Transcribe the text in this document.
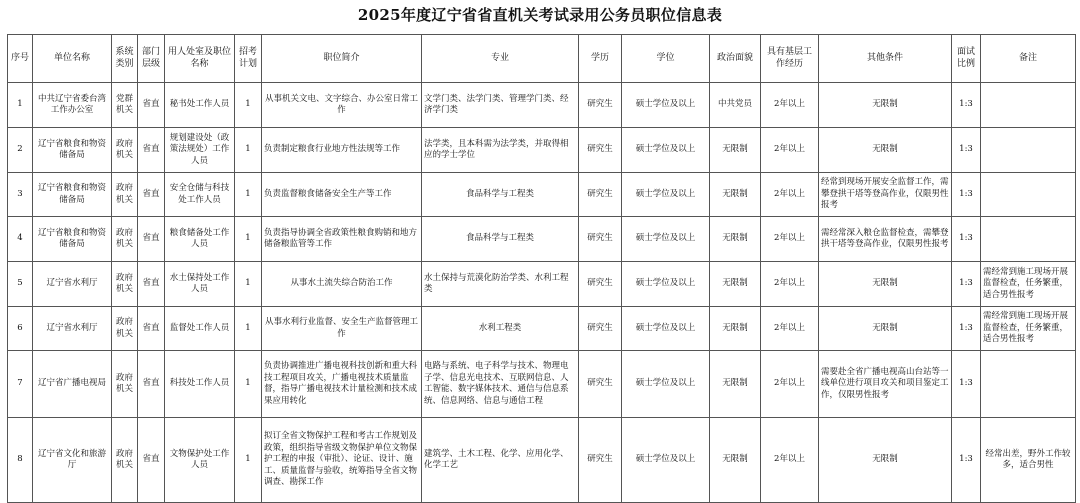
2025年度辽宁省省直机关考试录用公务员职位信息表
序号	单位名称	系统类别	部门层级	用人处室及职位名称	招考计划	职位简介	专业	学历	学位	政治面貌	具有基层工作经历	其他条件	面试比例	备注
1	中共辽宁省委台湾工作办公室	党群机关	省直	秘书处工作人员	1	从事机关文电、文字综合、办公室日常工作	文学门类、法学门类、管理学门类、经济学门类	研究生	硕士学位及以上	中共党员	2年以上	无限制	1:3	
2	辽宁省粮食和物资储备局	政府机关	省直	规划建设处（政策法规处）工作人员	1	负责制定粮食行业地方性法规等工作	法学类，且本科需为法学类，并取得相应的学士学位	研究生	硕士学位及以上	无限制	2年以上	无限制	1:3	
3	辽宁省粮食和物资储备局	政府机关	省直	安全仓储与科技处工作人员	1	负责监督粮食储备安全生产等工作	食品科学与工程类	研究生	硕士学位及以上	无限制	2年以上	经常到现场开展安全监督工作，需攀登拱干塔等登高作业，仅限男性报考	1:3	
4	辽宁省粮食和物资储备局	政府机关	省直	粮食储备处工作人员	1	负责指导协调全省政策性粮食购销和地方储备粮监管等工作	食品科学与工程类	研究生	硕士学位及以上	无限制	2年以上	需经常深入粮仓监督检查，需攀登拱干塔等登高作业，仅限男性报考	1:3	
5	辽宁省水利厅	政府机关	省直	水土保持处工作人员	1	从事水土流失综合防治工作	水土保持与荒漠化防治学类、水利工程类	研究生	硕士学位及以上	无限制	2年以上	无限制	1:3	需经常到施工现场开展监督检查，任务繁重，适合男性报考
6	辽宁省水利厅	政府机关	省直	监督处工作人员	1	从事水利行业监督、安全生产监督管理工作	水利工程类	研究生	硕士学位及以上	无限制	2年以上	无限制	1:3	需经常到施工现场开展监督检查，任务繁重，适合男性报考
7	辽宁省广播电视局	政府机关	省直	科技处工作人员	1	负责协调推进广播电视科技创新和重大科技工程项目攻关，广播电视技术质量监督，指导广播电视技术计量检测和技术成果应用转化	电路与系统、电子科学与技术、物理电子学、信息光电技术、互联网信息、人工智能、数字媒体技术、通信与信息系统、信息网络、信息与通信工程	研究生	硕士学位及以上	无限制	2年以上	需要赴全省广播电视高山台站等一线单位进行项目攻关和项目鉴定工作，仅限男性报考	1:3	
8	辽宁省文化和旅游厅	政府机关	省直	文物保护处工作人员	1	拟订全省文物保护工程和考古工作规划及政策，组织指导省级文物保护单位文物保护工程的申报（审批）、论证、设计、施工、质量监督与验收，统筹指导全省文物调查、勘探工作	建筑学、土木工程、化学、应用化学、化学工艺	研究生	硕士学位及以上	无限制	2年以上	无限制	1:3	经常出差，野外工作较多，适合男性
